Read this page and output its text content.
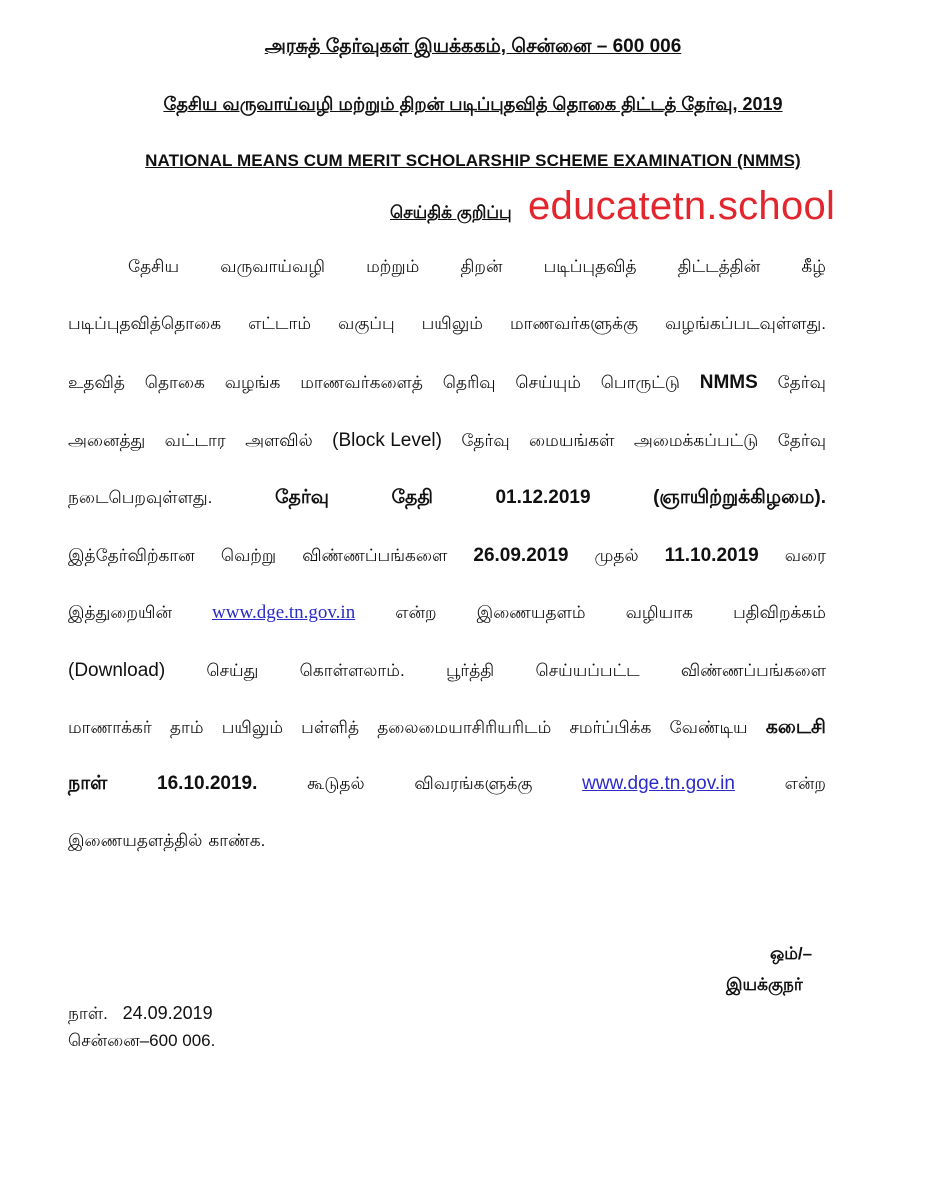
அரசுத் தேர்வுகள் இயக்ககம், சென்னை – 600 006
தேசிய வருவாய்வழி மற்றும் திறன் படிப்புதவித் தொகை திட்டத் தேர்வு, 2019
NATIONAL MEANS CUM MERIT SCHOLARSHIP SCHEME EXAMINATION (NMMS)
செய்திக் குறிப்பு educatetn.school
தேசிய வருவாய்வழி மற்றும் திறன் படிப்புதவித் திட்டத்தின் கீழ்
படிப்புதவித்தொகை எட்டாம் வகுப்பு பயிலும் மாணவர்களுக்கு வழங்கப்படவுள்ளது.
உதவித் தொகை வழங்க மாணவர்களைத் தெரிவு செய்யும் பொருட்டு NMMS தேர்வு
அனைத்து வட்டார அளவில் (Block Level) தேர்வு மையங்கள் அமைக்கப்பட்டு தேர்வு
நடைபெறவுள்ளது.	தேர்வு	தேதி	01.12.2019	(ஞாயிற்றுக்கிழமை).
இத்தேர்விற்கான வெற்று விண்ணப்பங்களை 26.09.2019 முதல் 11.10.2019 வரை
இத்துறையின் www.dge.tn.gov.in என்ற இணையதளம் வழியாக பதிவிறக்கம்
(Download) செய்து கொள்ளலாம். பூர்த்தி செய்யப்பட்ட விண்ணப்பங்களை
மாணாக்கர் தாம் பயிலும் பள்ளித் தலைமையாசிரியரிடம் சமர்ப்பிக்க வேண்டிய கடைசி
நாள்	16.10.2019.	கூடுதல்	விவரங்களுக்கு	www.dge.tn.gov.in	என்ற
இணையதளத்தில் காண்க.
ஒம்/–
இயக்குநர்
நாள். 24.09.2019
சென்னை–600 006.
